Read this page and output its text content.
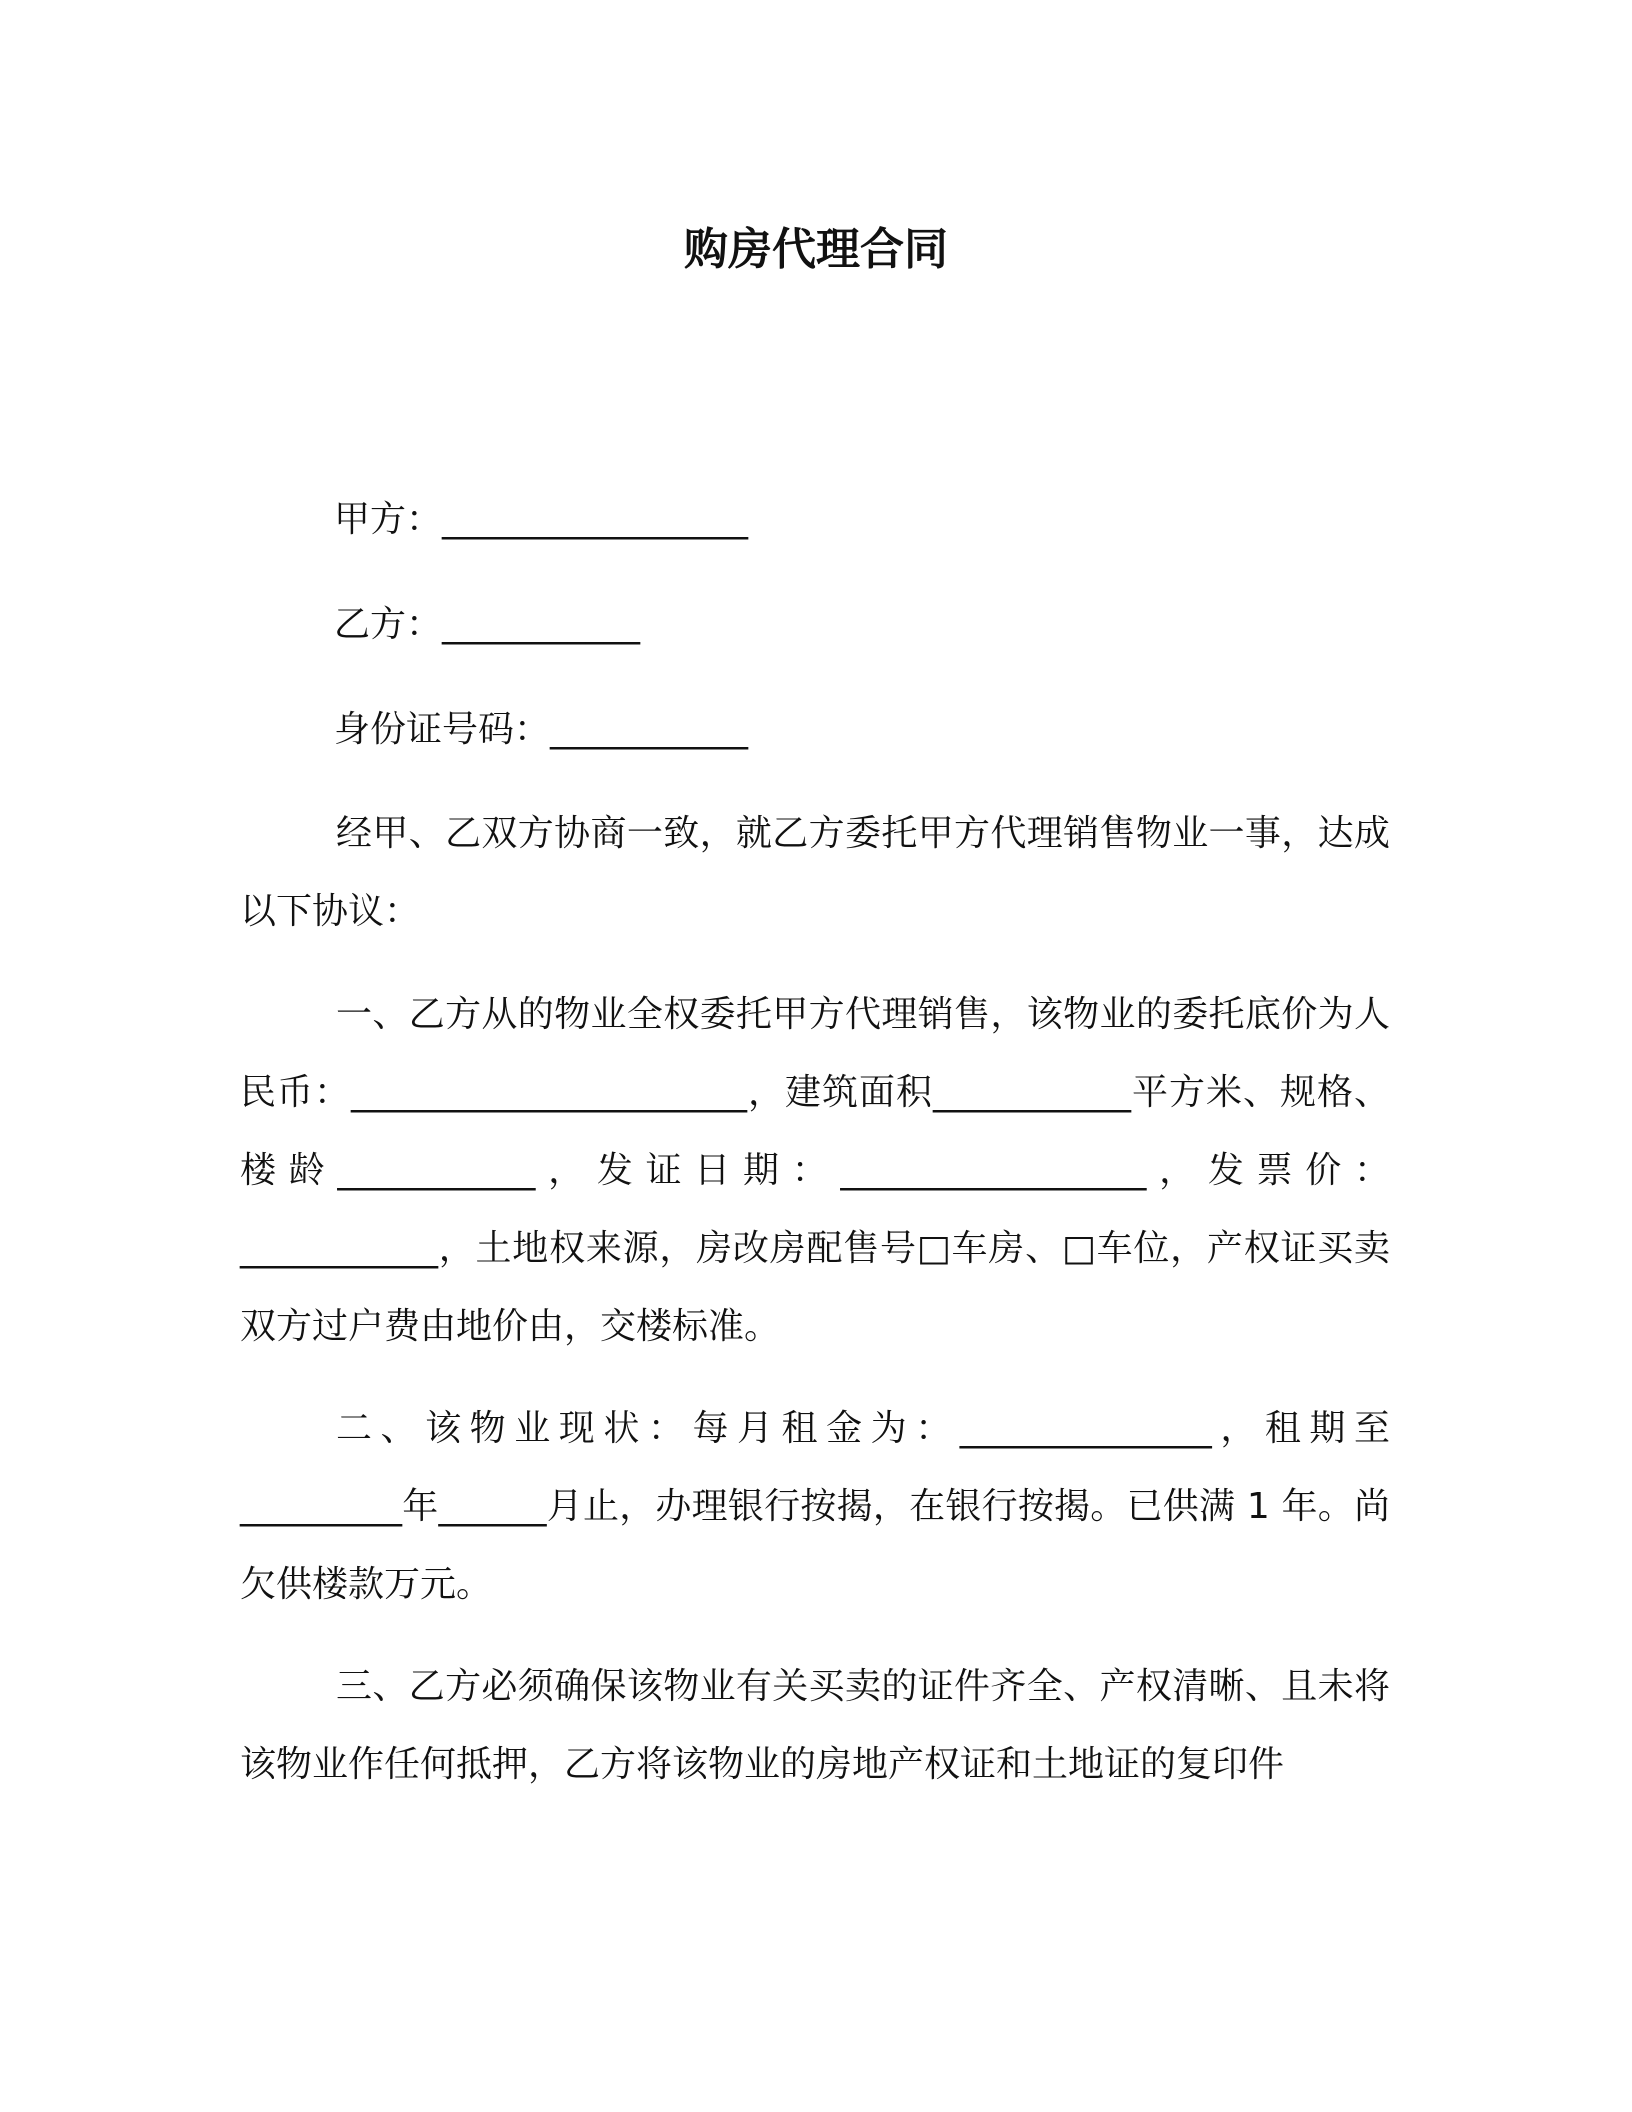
购房代理合同
甲方：_________________
乙方：___________
身份证号码：___________

经甲、乙双方协商一致，就乙方委托甲方代理销售物业一事，达成以下协议：

一、乙方从的物业全权委托甲方代理销售，该物业的委托底价为人民币：______________________，建筑面积___________平方米、规格、楼龄___________，发证日期：_________________，发票价：___________，土地权来源，房改房配售号□车房、□车位，产权证买卖双方过户费由地价由，交楼标准。

二、该物业现状：每月租金为：______________，租期至_________年______月止，办理银行按揭，在银行按揭。已供满 1 年。尚欠供楼款万元。

三、乙方必须确保该物业有关买卖的证件齐全、产权清晰、且未将该物业作任何抵押，乙方将该物业的房地产权证和土地证的复印件
